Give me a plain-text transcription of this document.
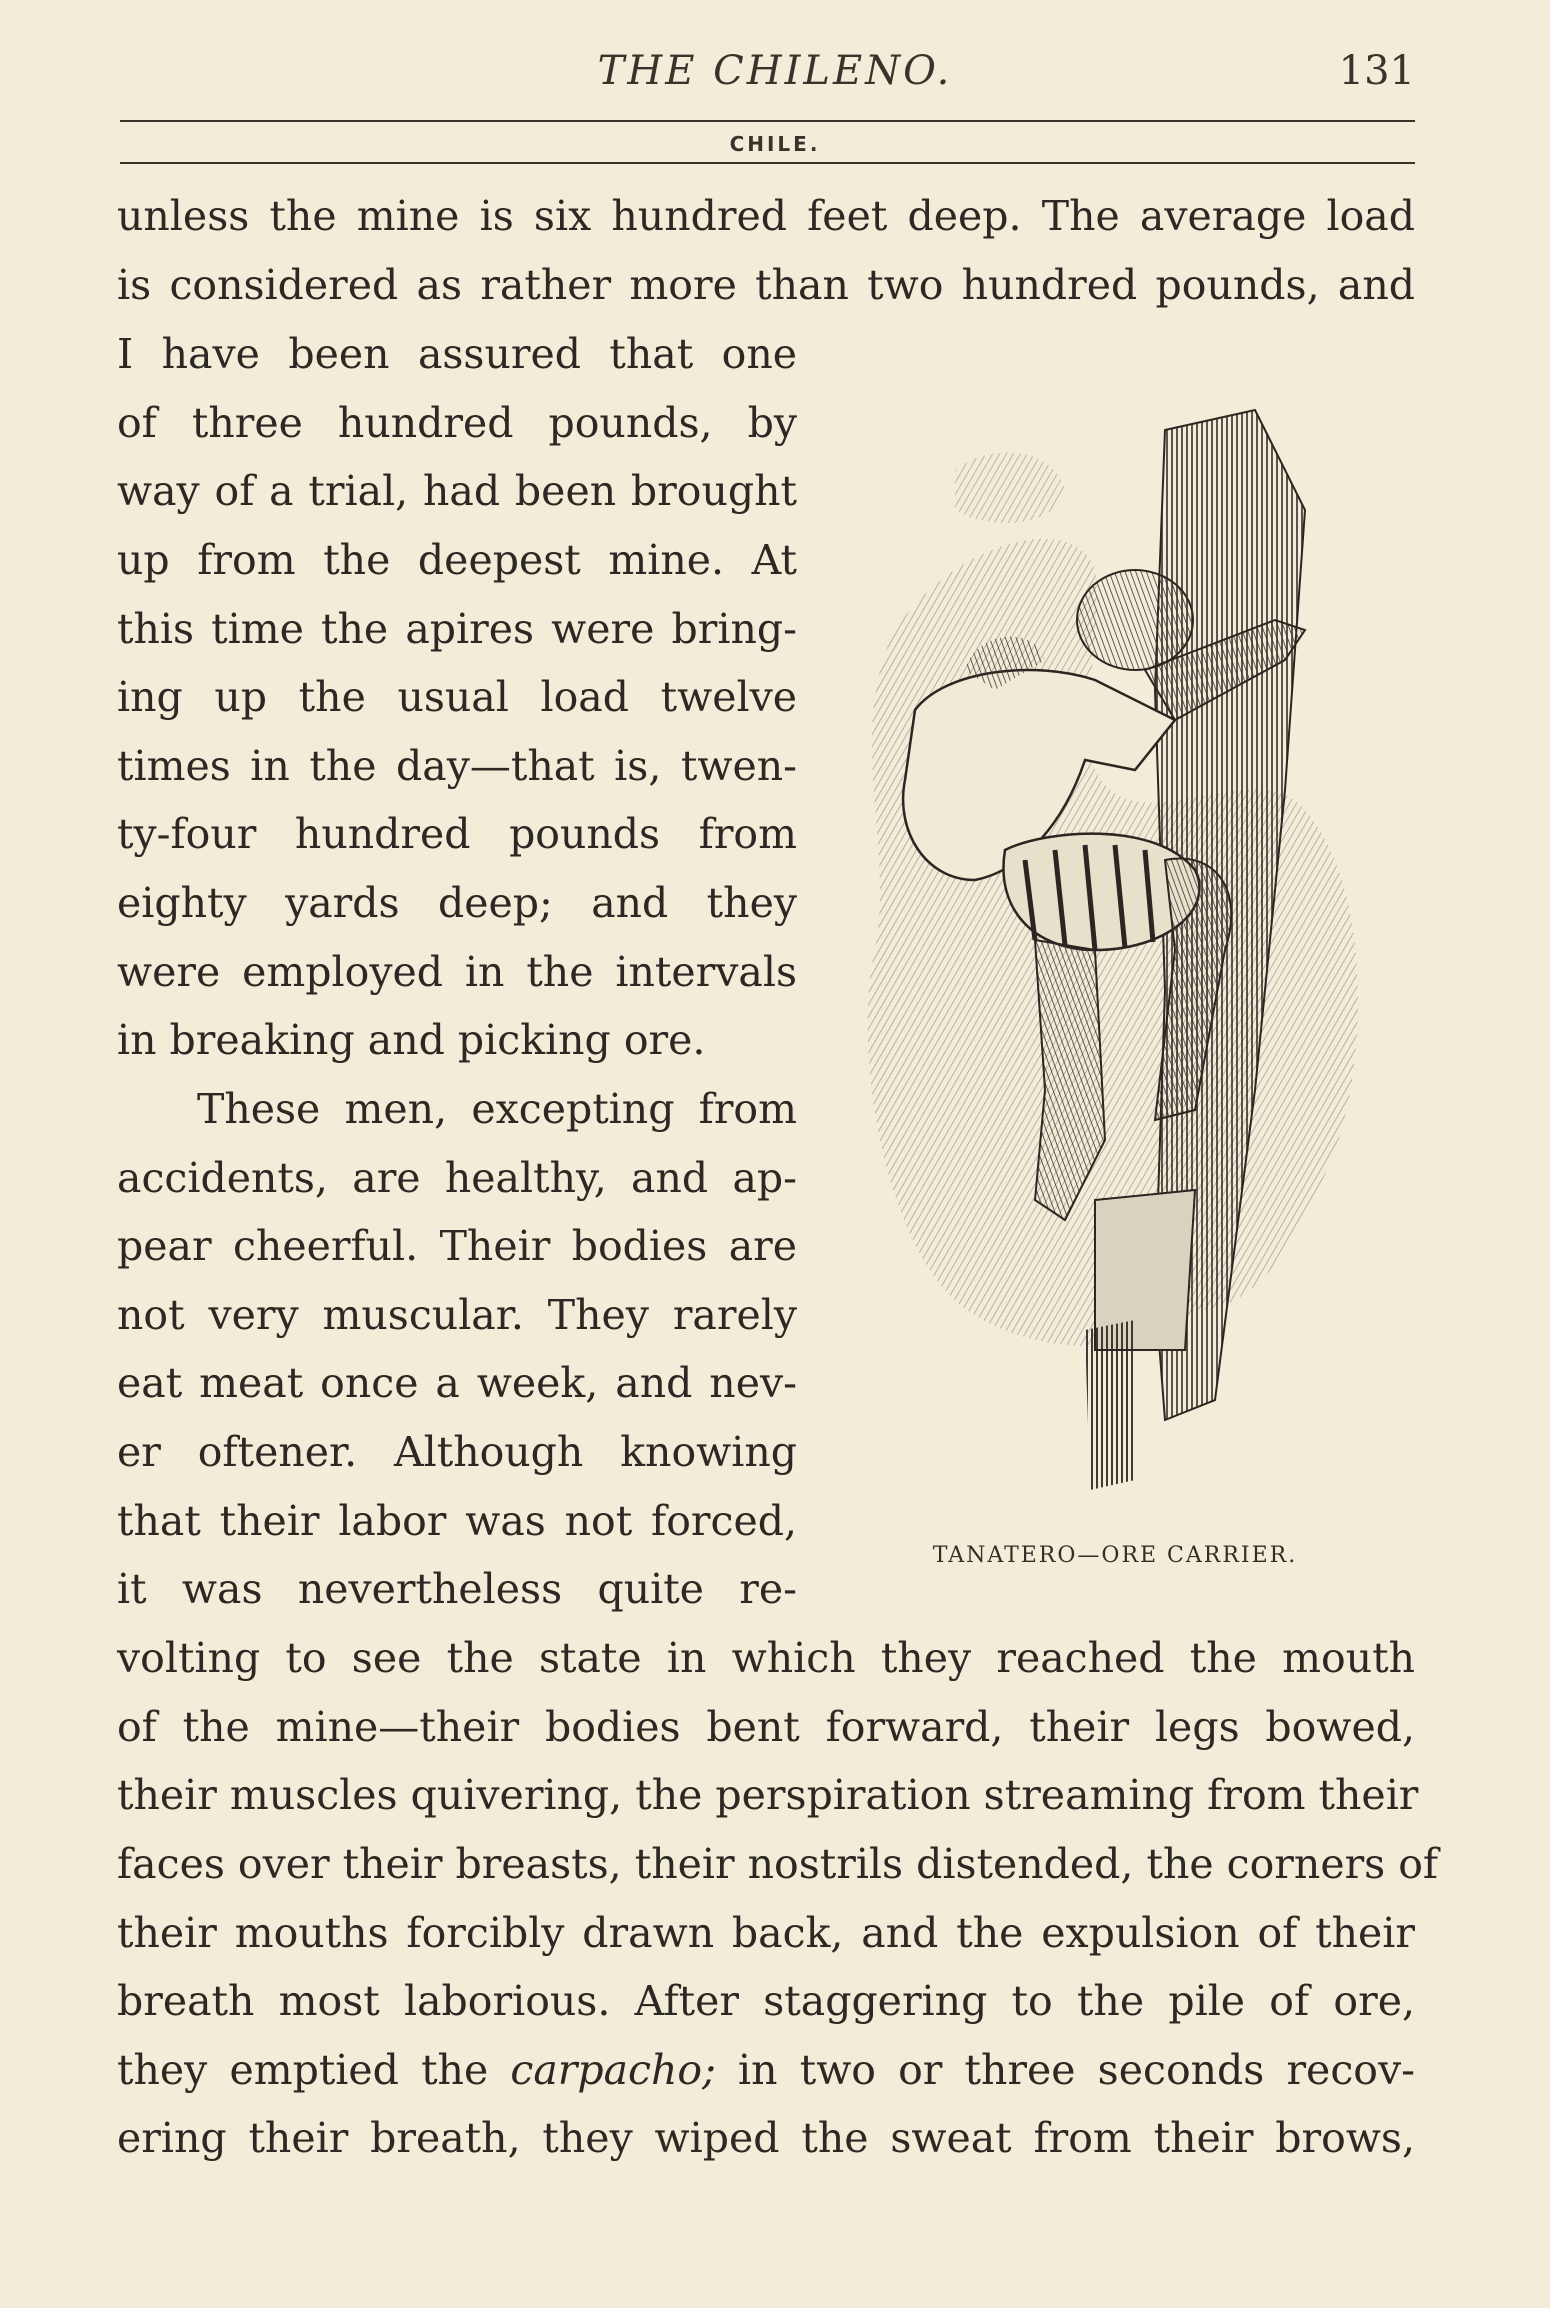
THE CHILENO.	131
CHILE.
unless the mine is six hundred feet deep. The average load
is considered as rather more than two hundred pounds, and
I have been assured that one
of three hundred pounds, by
way of a trial, had been brought
up from the deepest mine. At
this time the apires were bring-
ing up the usual load twelve
times in the day—that is, twen-
ty-four hundred pounds from
eighty yards deep; and they
were employed in the intervals
in breaking and picking ore.
These men, excepting from
accidents, are healthy, and ap-
pear cheerful. Their bodies are
not very muscular. They rarely
eat meat once a week, and nev-
er oftener. Although knowing
that their labor was not forced,
it was nevertheless quite re-
volting to see the state in which they reached the mouth
of the mine—their bodies bent forward, their legs bowed,
their muscles quivering, the perspiration streaming from their
faces over their breasts, their nostrils distended, the corners of
their mouths forcibly drawn back, and the expulsion of their
breath most laborious. After staggering to the pile of ore,
they emptied the carpacho; in two or three seconds recov-
ering their breath, they wiped the sweat from their brows,
TANATERO—ORE CARRIER.
